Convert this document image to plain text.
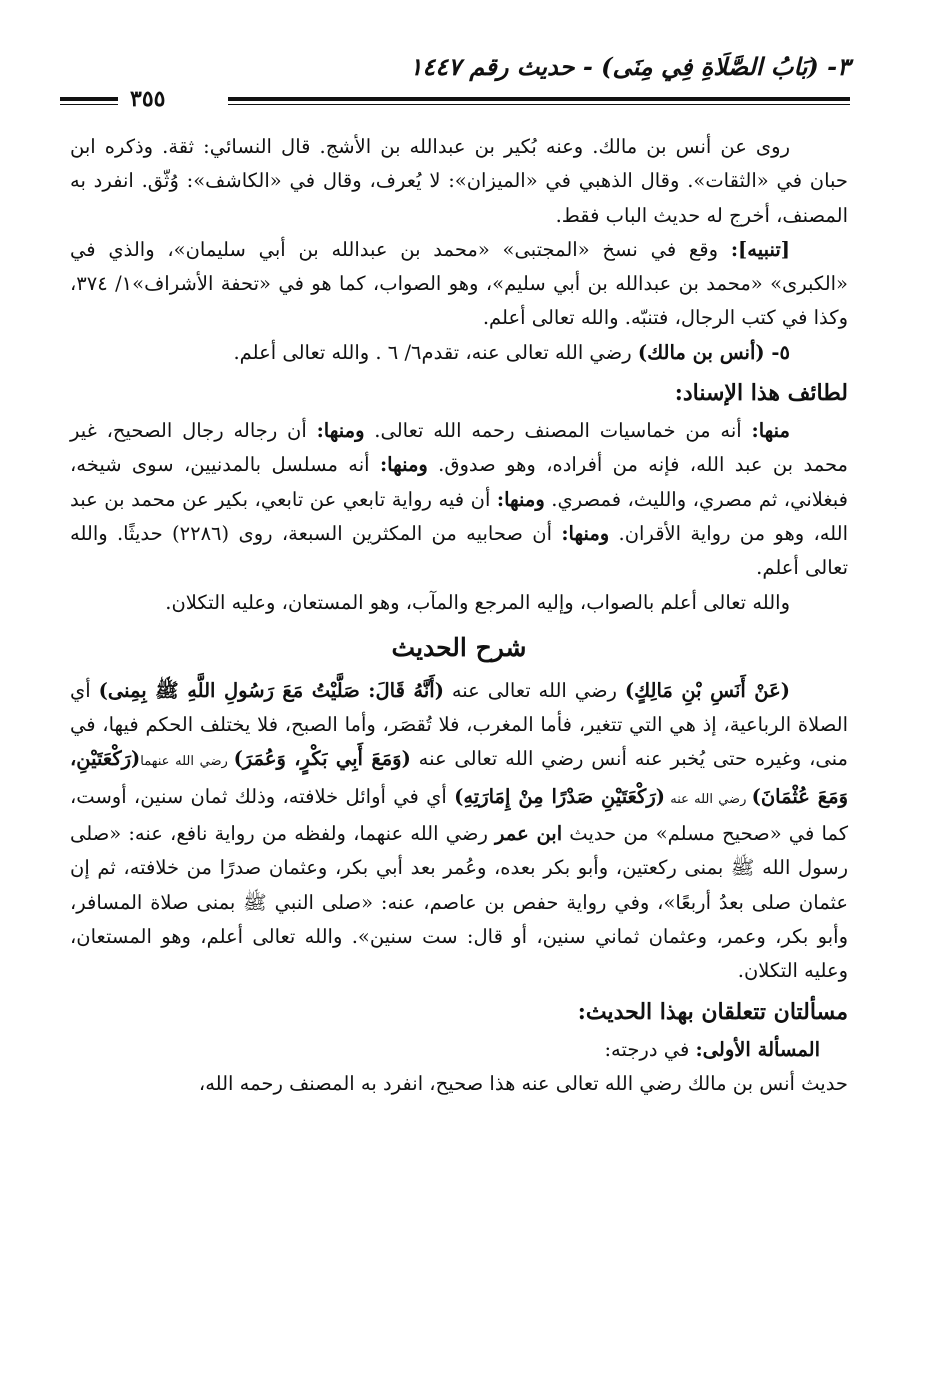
٣- (بَابُ الصَّلَاةِ فِي مِنَى) - حديث رقم ١٤٤٧
٣٥٥

روى عن أنس بن مالك. وعنه بُكير بن عبدالله بن الأشج. قال النسائي: ثقة. وذكره ابن حبان في «الثقات». وقال الذهبي في «الميزان»: لا يُعرف، وقال في «الكاشف»: وُثّق. انفرد به المصنف، أخرج له حديث الباب فقط.

[تنبيه]: وقع في نسخ «المجتبى» «محمد بن عبدالله بن أبي سليمان»، والذي في «الكبرى» «محمد بن عبدالله بن أبي سليم»، وهو الصواب، كما هو في «تحفة الأشراف»١/ ٣٧٤، وكذا في كتب الرجال، فتنبّه. والله تعالى أعلم.

٥- (أنس بن مالك) رضي الله تعالى عنه، تقدم٦/ ٦ . والله تعالى أعلم.

لطائف هذا الإسناد:

منها: أنه من خماسيات المصنف رحمه الله تعالى. ومنها: أن رجاله رجال الصحيح، غير محمد بن عبد الله، فإنه من أفراده، وهو صدوق. ومنها: أنه مسلسل بالمدنيين، سوى شيخه، فبغلاني، ثم مصري، والليث، فمصري. ومنها: أن فيه رواية تابعي عن تابعي، بكير عن محمد بن عبد الله، وهو من رواية الأقران. ومنها: أن صحابيه من المكثرين السبعة، روى (٢٢٨٦) حديثًا. والله تعالى أعلم.

والله تعالى أعلم بالصواب، وإليه المرجع والمآب، وهو المستعان، وعليه التكلان.

شرح الحديث

(عَنْ أَنَسِ بْنِ مَالِكٍ) رضي الله تعالى عنه (أَنَّهُ قَالَ: صَلَّيْتُ مَعَ رَسُولِ اللَّهِ ﷺ بِمِنى) أي الصلاة الرباعية، إذ هي التي تتغير، فأما المغرب، فلا تُقصَر، وأما الصبح، فلا يختلف الحكم فيها، في منى، وغيره حتى يُخبر عنه أنس رضي الله تعالى عنه (وَمَعَ أَبِي بَكْرٍ، وَعُمَرَ) رضي الله عنهما(رَكْعَتَيْنِ، وَمَعَ عُثْمَانَ) رضي الله عنه (رَكْعَتَيْنِ صَدْرًا مِنْ إِمَارَتِهِ) أي في أوائل خلافته، وذلك ثمان سنين، أوست، كما في «صحيح مسلم» من حديث ابن عمر رضي الله عنهما، ولفظه من رواية نافع، عنه: «صلى رسول الله ﷺ بمنى ركعتين، وأبو بكر بعده، وعُمر بعد أبي بكر، وعثمان صدرًا من خلافته، ثم إن عثمان صلى بعدُ أربعًا»، وفي رواية حفص بن عاصم، عنه: «صلى النبي ﷺ بمنى صلاة المسافر، وأبو بكر، وعمر، وعثمان ثماني سنين، أو قال: ست سنين». والله تعالى أعلم، وهو المستعان، وعليه التكلان.

مسألتان تتعلقان بهذا الحديث:

المسألة الأولى: في درجته:

حديث أنس بن مالك رضي الله تعالى عنه هذا صحيح، انفرد به المصنف رحمه الله،
